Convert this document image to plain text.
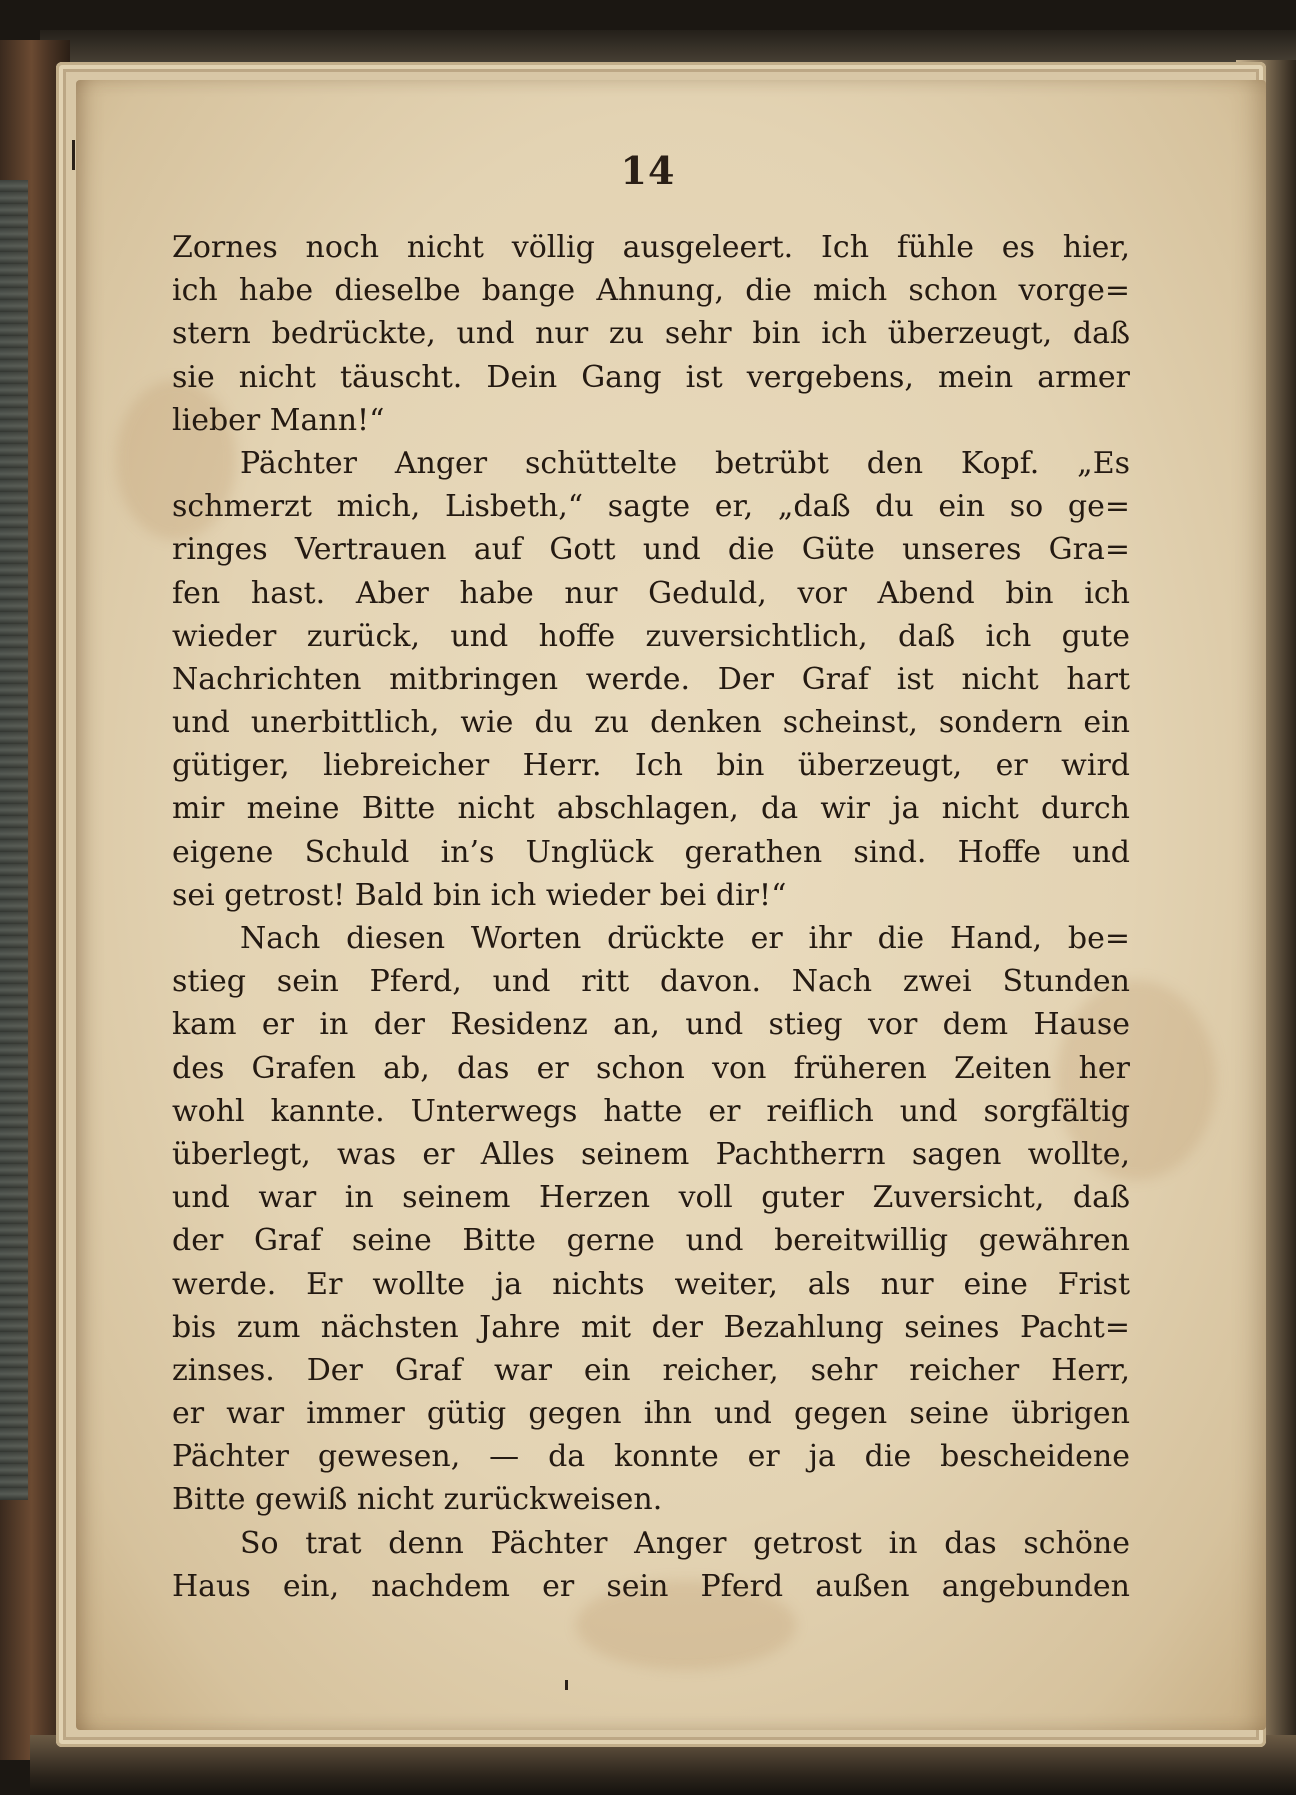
14
Zornes noch nicht völlig ausgeleert. Ich fühle es hier,
ich habe dieselbe bange Ahnung, die mich schon vorge=
stern bedrückte, und nur zu sehr bin ich überzeugt, daß
sie nicht täuscht. Dein Gang ist vergebens, mein armer
lieber Mann!“
Pächter Anger schüttelte betrübt den Kopf. „Es
schmerzt mich, Lisbeth,“ sagte er, „daß du ein so ge=
ringes Vertrauen auf Gott und die Güte unseres Gra=
fen hast. Aber habe nur Geduld, vor Abend bin ich
wieder zurück, und hoffe zuversichtlich, daß ich gute
Nachrichten mitbringen werde. Der Graf ist nicht hart
und unerbittlich, wie du zu denken scheinst, sondern ein
gütiger, liebreicher Herr. Ich bin überzeugt, er wird
mir meine Bitte nicht abschlagen, da wir ja nicht durch
eigene Schuld in’s Unglück gerathen sind. Hoffe und
sei getrost! Bald bin ich wieder bei dir!“
Nach diesen Worten drückte er ihr die Hand, be=
stieg sein Pferd, und ritt davon. Nach zwei Stunden
kam er in der Residenz an, und stieg vor dem Hause
des Grafen ab, das er schon von früheren Zeiten her
wohl kannte. Unterwegs hatte er reiflich und sorgfältig
überlegt, was er Alles seinem Pachtherrn sagen wollte,
und war in seinem Herzen voll guter Zuversicht, daß
der Graf seine Bitte gerne und bereitwillig gewähren
werde. Er wollte ja nichts weiter, als nur eine Frist
bis zum nächsten Jahre mit der Bezahlung seines Pacht=
zinses. Der Graf war ein reicher, sehr reicher Herr,
er war immer gütig gegen ihn und gegen seine übrigen
Pächter gewesen, — da konnte er ja die bescheidene
Bitte gewiß nicht zurückweisen.
So trat denn Pächter Anger getrost in das schöne
Haus ein, nachdem er sein Pferd außen angebunden
